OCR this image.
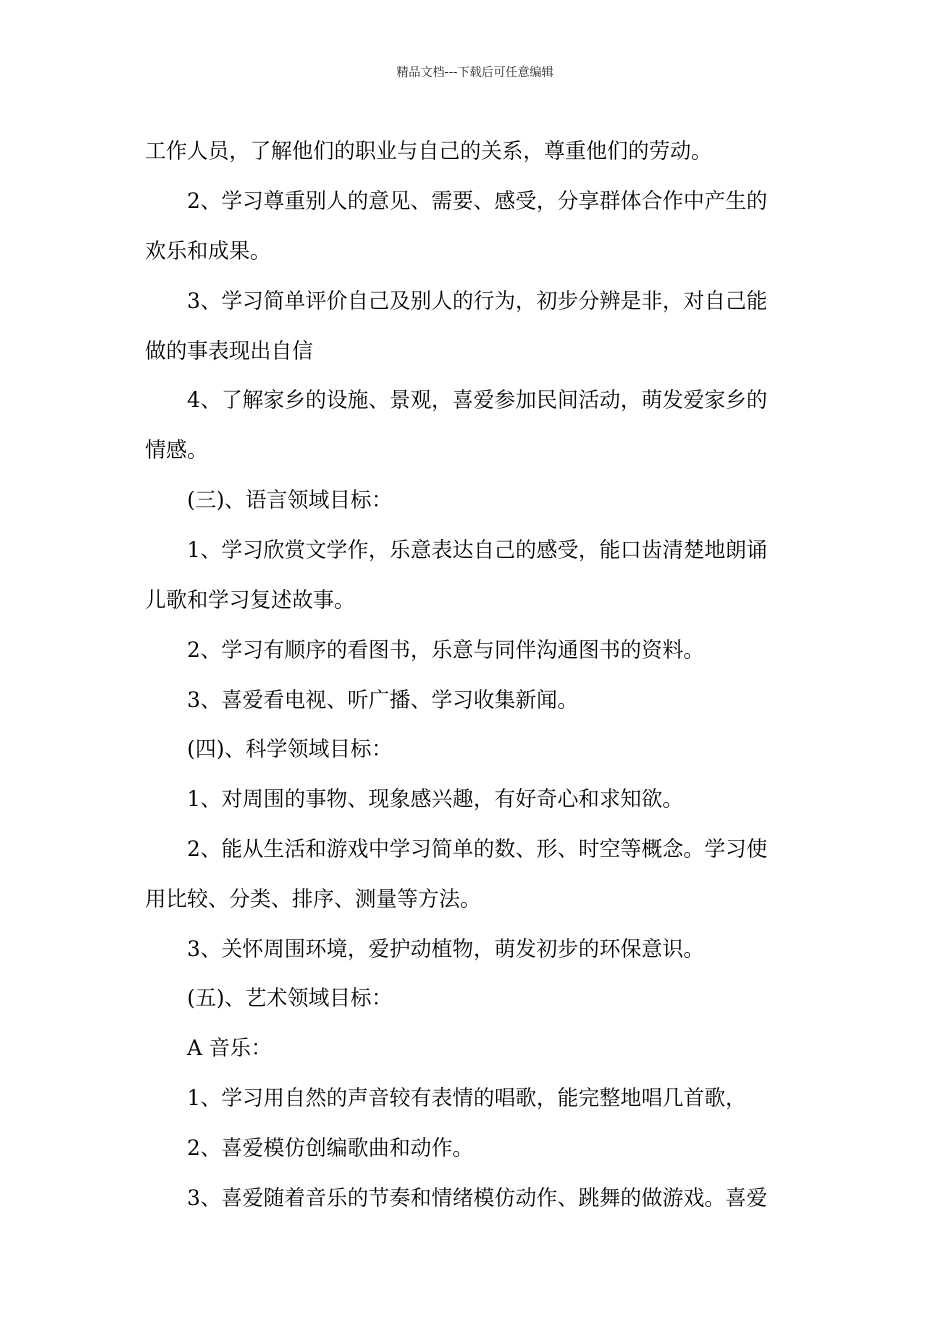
精品文档---下载后可任意编辑
工作人员，了解他们的职业与自己的关系，尊重他们的劳动。
2、学习尊重别人的意见、需要、感受，分享群体合作中产生的
欢乐和成果。
3、学习简单评价自己及别人的行为，初步分辨是非，对自己能
做的事表现出自信
4、了解家乡的设施、景观，喜爱参加民间活动，萌发爱家乡的
情感。
(三)、语言领域目标：
1、学习欣赏文学作，乐意表达自己的感受，能口齿清楚地朗诵
儿歌和学习复述故事。
2、学习有顺序的看图书，乐意与同伴沟通图书的资料。
3、喜爱看电视、听广播、学习收集新闻。
(四)、科学领域目标：
1、对周围的事物、现象感兴趣，有好奇心和求知欲。
2、能从生活和游戏中学习简单的数、形、时空等概念。学习使
用比较、分类、排序、测量等方法。
3、关怀周围环境，爱护动植物，萌发初步的环保意识。
(五)、艺术领域目标：
A 音乐：
1、学习用自然的声音较有表情的唱歌，能完整地唱几首歌，
2、喜爱模仿创编歌曲和动作。
3、喜爱随着音乐的节奏和情绪模仿动作、跳舞的做游戏。喜爱
